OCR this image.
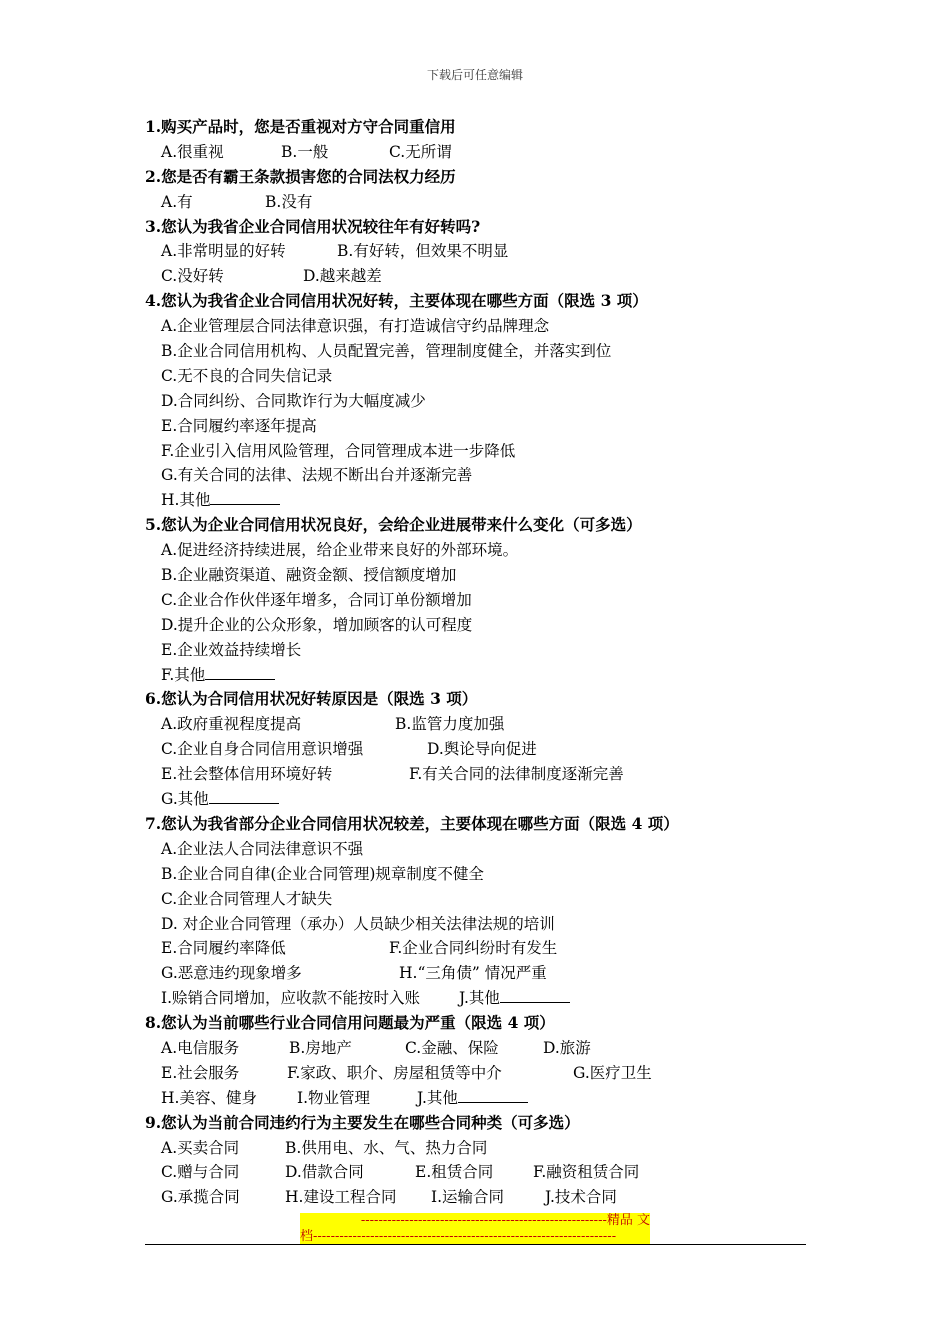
下载后可任意编辑
1.购买产品时，您是否重视对方守合同重信用
A.很重视	B.一般	C.无所谓
2.您是否有霸王条款损害您的合同法权力经历
A.有	B.没有
3.您认为我省企业合同信用状况较往年有好转吗?
A.非常明显的好转	B.有好转，但效果不明显
C.没好转	D.越来越差
4.您认为我省企业合同信用状况好转，主要体现在哪些方面（限选 3 项）
A.企业管理层合同法律意识强，有打造诚信守约品牌理念
B.企业合同信用机构、人员配置完善，管理制度健全，并落实到位
C.无不良的合同失信记录
D.合同纠纷、合同欺诈行为大幅度减少
E.合同履约率逐年提高
F.企业引入信用风险管理，合同管理成本进一步降低
G.有关合同的法律、法规不断出台并逐渐完善
H.其他
5.您认为企业合同信用状况良好，会给企业进展带来什么变化（可多选）
A.促进经济持续进展，给企业带来良好的外部环境。
B.企业融资渠道、融资金额、授信额度增加
C.企业合作伙伴逐年增多，合同订单份额增加
D.提升企业的公众形象，增加顾客的认可程度
E.企业效益持续增长
F.其他
6.您认为合同信用状况好转原因是（限选 3 项）
A.政府重视程度提高	B.监管力度加强
C.企业自身合同信用意识增强	D.舆论导向促进
E.社会整体信用环境好转	F.有关合同的法律制度逐渐完善
G.其他
7.您认为我省部分企业合同信用状况较差，主要体现在哪些方面（限选 4 项）
A.企业法人合同法律意识不强
B.企业合同自律(企业合同管理)规章制度不健全
C.企业合同管理人才缺失
D. 对企业合同管理（承办）人员缺少相关法律法规的培训
E.合同履约率降低	F.企业合同纠纷时有发生
G.恶意违约现象增多	H.“三角债” 情况严重
I.赊销合同增加，应收款不能按时入账	J.其他
8.您认为当前哪些行业合同信用问题最为严重（限选 4 项）
A.电信服务	B.房地产	C.金融、保险	D.旅游
E.社会服务	F.家政、职介、房屋租赁等中介	G.医疗卫生
H.美容、健身	I.物业管理	J.其他
9.您认为当前合同违约行为主要发生在哪些合同种类（可多选）
A.买卖合同	B.供用电、水、气、热力合同
C.赠与合同	D.借款合同	E.租赁合同	F.融资租赁合同
G.承揽合同	H.建设工程合同 I.运输合同	J.技术合同
--------------------------------------------------------精品 文
档---------------------------------------------------------------------
